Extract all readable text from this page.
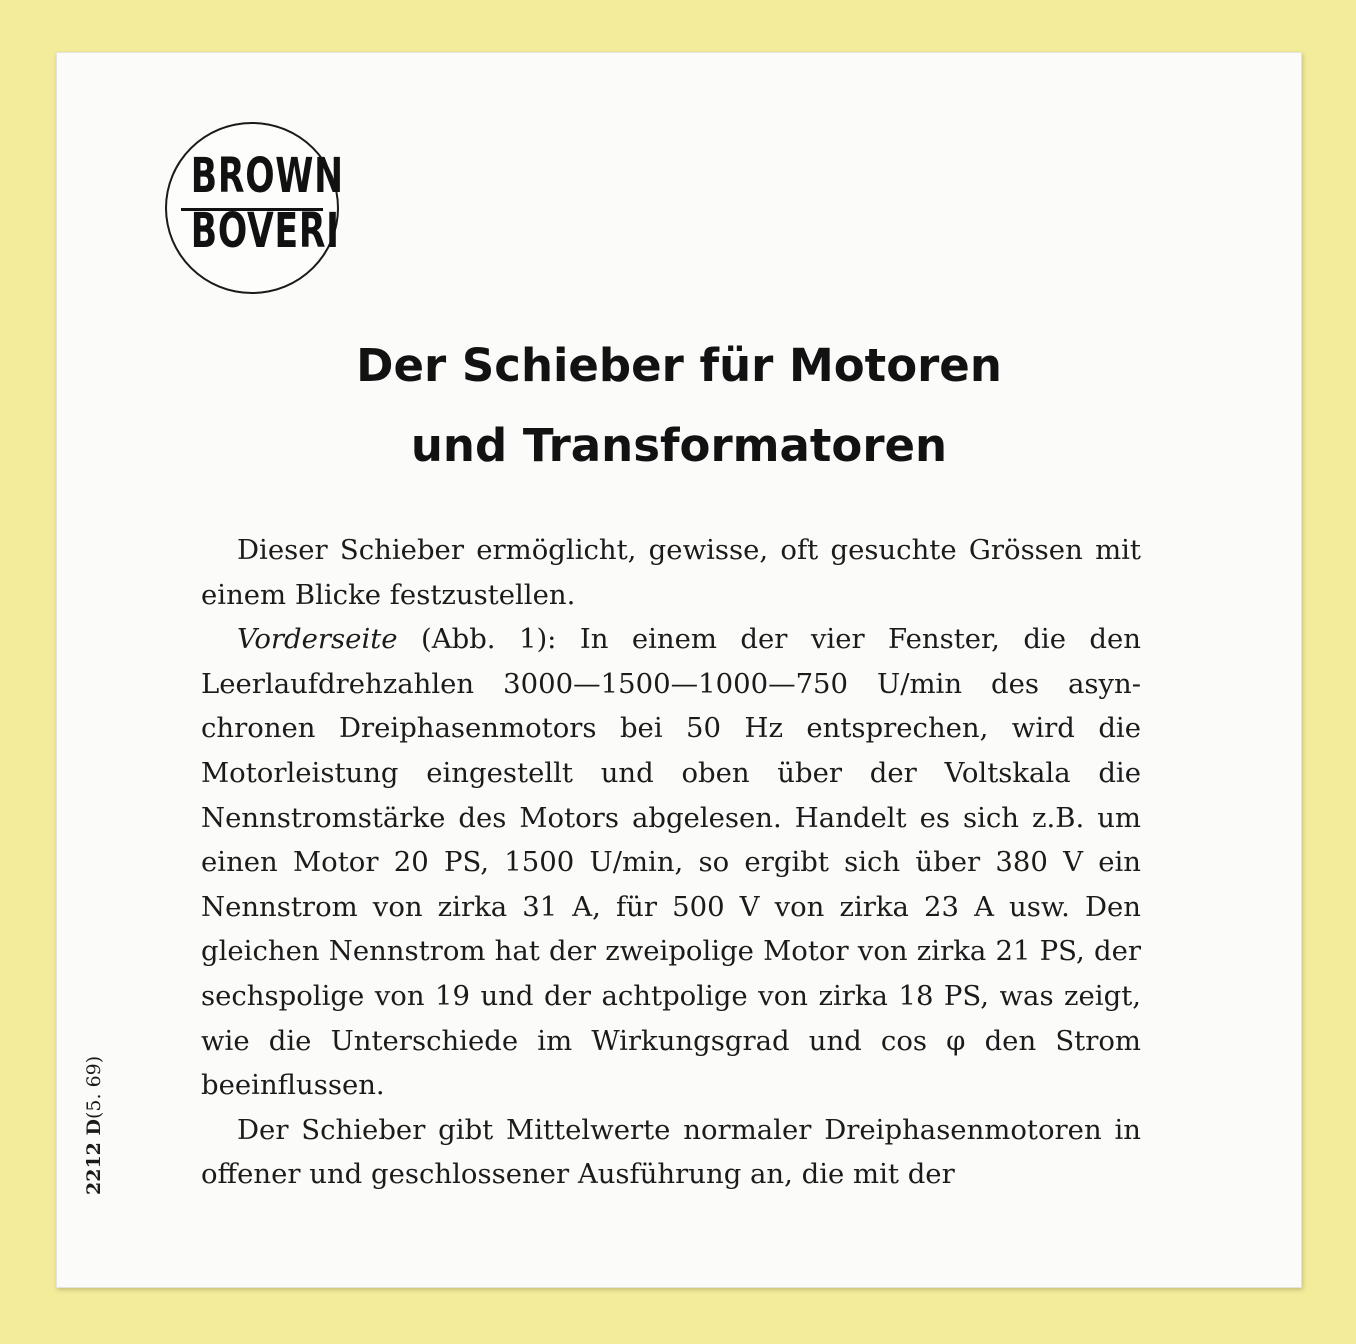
BROWN
BOVERI
Der Schieber für Motoren
und Transformatoren

Dieser Schieber ermöglicht, gewisse, oft gesuchte Grössen mit einem Blicke festzustellen.

Vorderseite (Abb. 1): In einem der vier Fenster, die den Leerlaufdrehzahlen 3000—1500—1000—750 U/min des asynchronen Dreiphasenmotors bei 50 Hz entsprechen, wird die Motorleistung eingestellt und oben über der Voltskala die Nennstromstärke des Motors abgelesen. Handelt es sich z.B. um einen Motor 20 PS, 1500 U/min, so ergibt sich über 380 V ein Nennstrom von zirka 31 A, für 500 V von zirka 23 A usw. Den gleichen Nennstrom hat der zweipolige Motor von zirka 21 PS, der sechspolige von 19 und der achtpolige von zirka 18 PS, was zeigt, wie die Unterschiede im Wirkungsgrad und cos φ den Strom beeinflussen.

Der Schieber gibt Mittelwerte normaler Dreiphasenmotoren in offener und geschlossener Ausführung an, die mit der

2212 D(5. 69)
